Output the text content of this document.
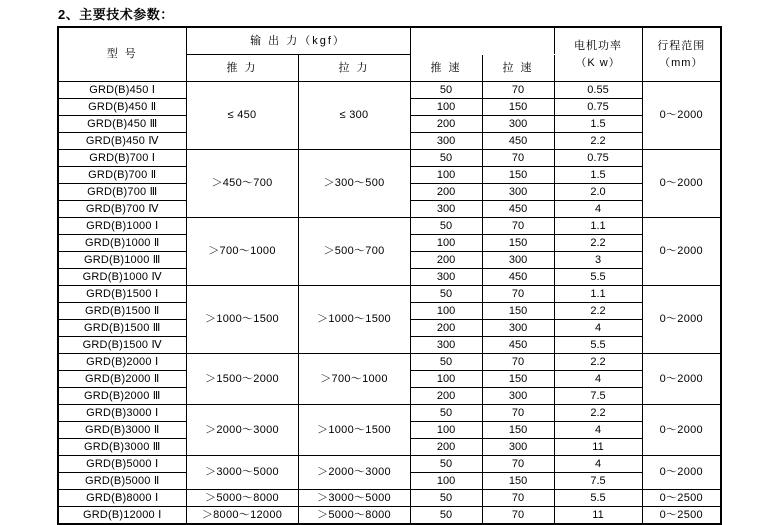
2、主要技术参数：
型 号	输 出 力（kgf）				电机功率
（K w）	行程范围
（mm）

	推 力	拉 力	推 速	拉 速		
GRD(B)450 Ⅰ	≤ 450	≤ 300	50	70	0.55	0～2000
GRD(B)450 Ⅱ			100	150	0.75	
GRD(B)450 Ⅲ			200	300	1.5	
GRD(B)450 Ⅳ			300	450	2.2	
GRD(B)700 Ⅰ	＞450～700	＞300～500	50	70	0.75	0～2000
GRD(B)700 Ⅱ			100	150	1.5	
GRD(B)700 Ⅲ			200	300	2.0	
GRD(B)700 Ⅳ			300	450	4	
GRD(B)1000 Ⅰ	＞700～1000	＞500～700	50	70	1.1	0～2000
GRD(B)1000 Ⅱ			100	150	2.2	
GRD(B)1000 Ⅲ			200	300	3	
GRD(B)1000 Ⅳ			300	450	5.5	
GRD(B)1500 Ⅰ	＞1000～1500	＞1000～1500	50	70	1.1	0～2000
GRD(B)1500 Ⅱ			100	150	2.2	
GRD(B)1500 Ⅲ			200	300	4	
GRD(B)1500 Ⅳ			300	450	5.5	
GRD(B)2000 Ⅰ	＞1500～2000	＞700～1000	50	70	2.2	0～2000
GRD(B)2000 Ⅱ			100	150	4	
GRD(B)2000 Ⅲ			200	300	7.5	
GRD(B)3000 Ⅰ	＞2000～3000	＞1000～1500	50	70	2.2	0～2000
GRD(B)3000 Ⅱ			100	150	4	
GRD(B)3000 Ⅲ			200	300	11	
GRD(B)5000 Ⅰ	＞3000～5000	＞2000～3000	50	70	4	0～2000
GRD(B)5000 Ⅱ			100	150	7.5	
GRD(B)8000 Ⅰ	＞5000～8000	＞3000～5000	50	70	5.5	0～2500
GRD(B)12000 Ⅰ	＞8000～12000	＞5000～8000	50	70	11	0～2500
